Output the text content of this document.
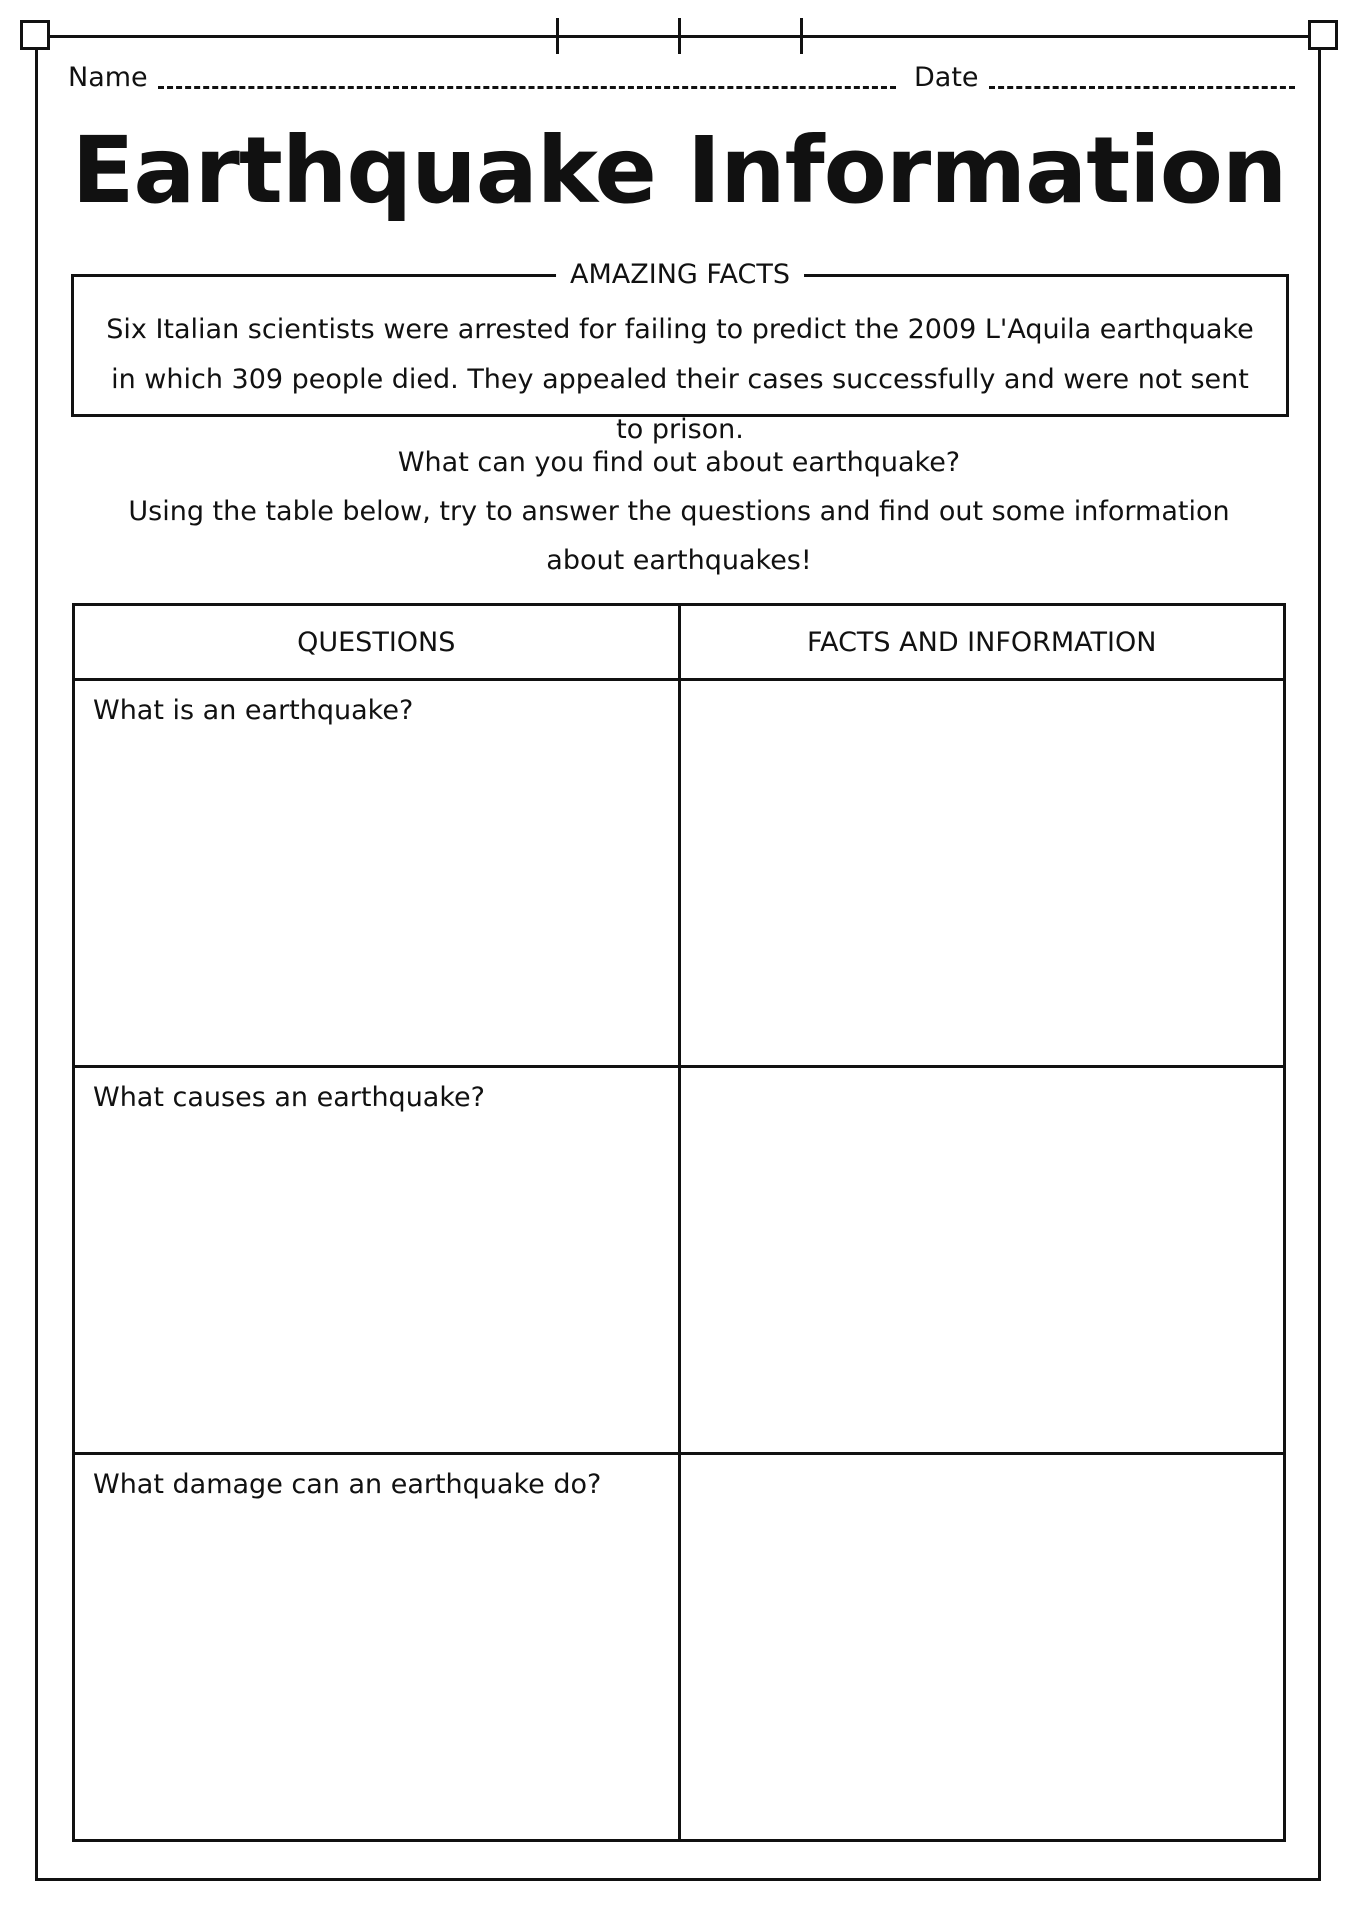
Name	Date
Earthquake Information
AMAZING FACTS
Six Italian scientists were arrested for failing to predict the 2009 L'Aquila earthquake in which 309 people died. They appealed their cases successfully and were not sent to prison.
What can you find out about earthquake?
Using the table below, try to answer the questions and find out some information
about earthquakes!
QUESTIONS	FACTS AND INFORMATION

What is an earthquake?	

What causes an earthquake?	

What damage can an earthquake do?	
